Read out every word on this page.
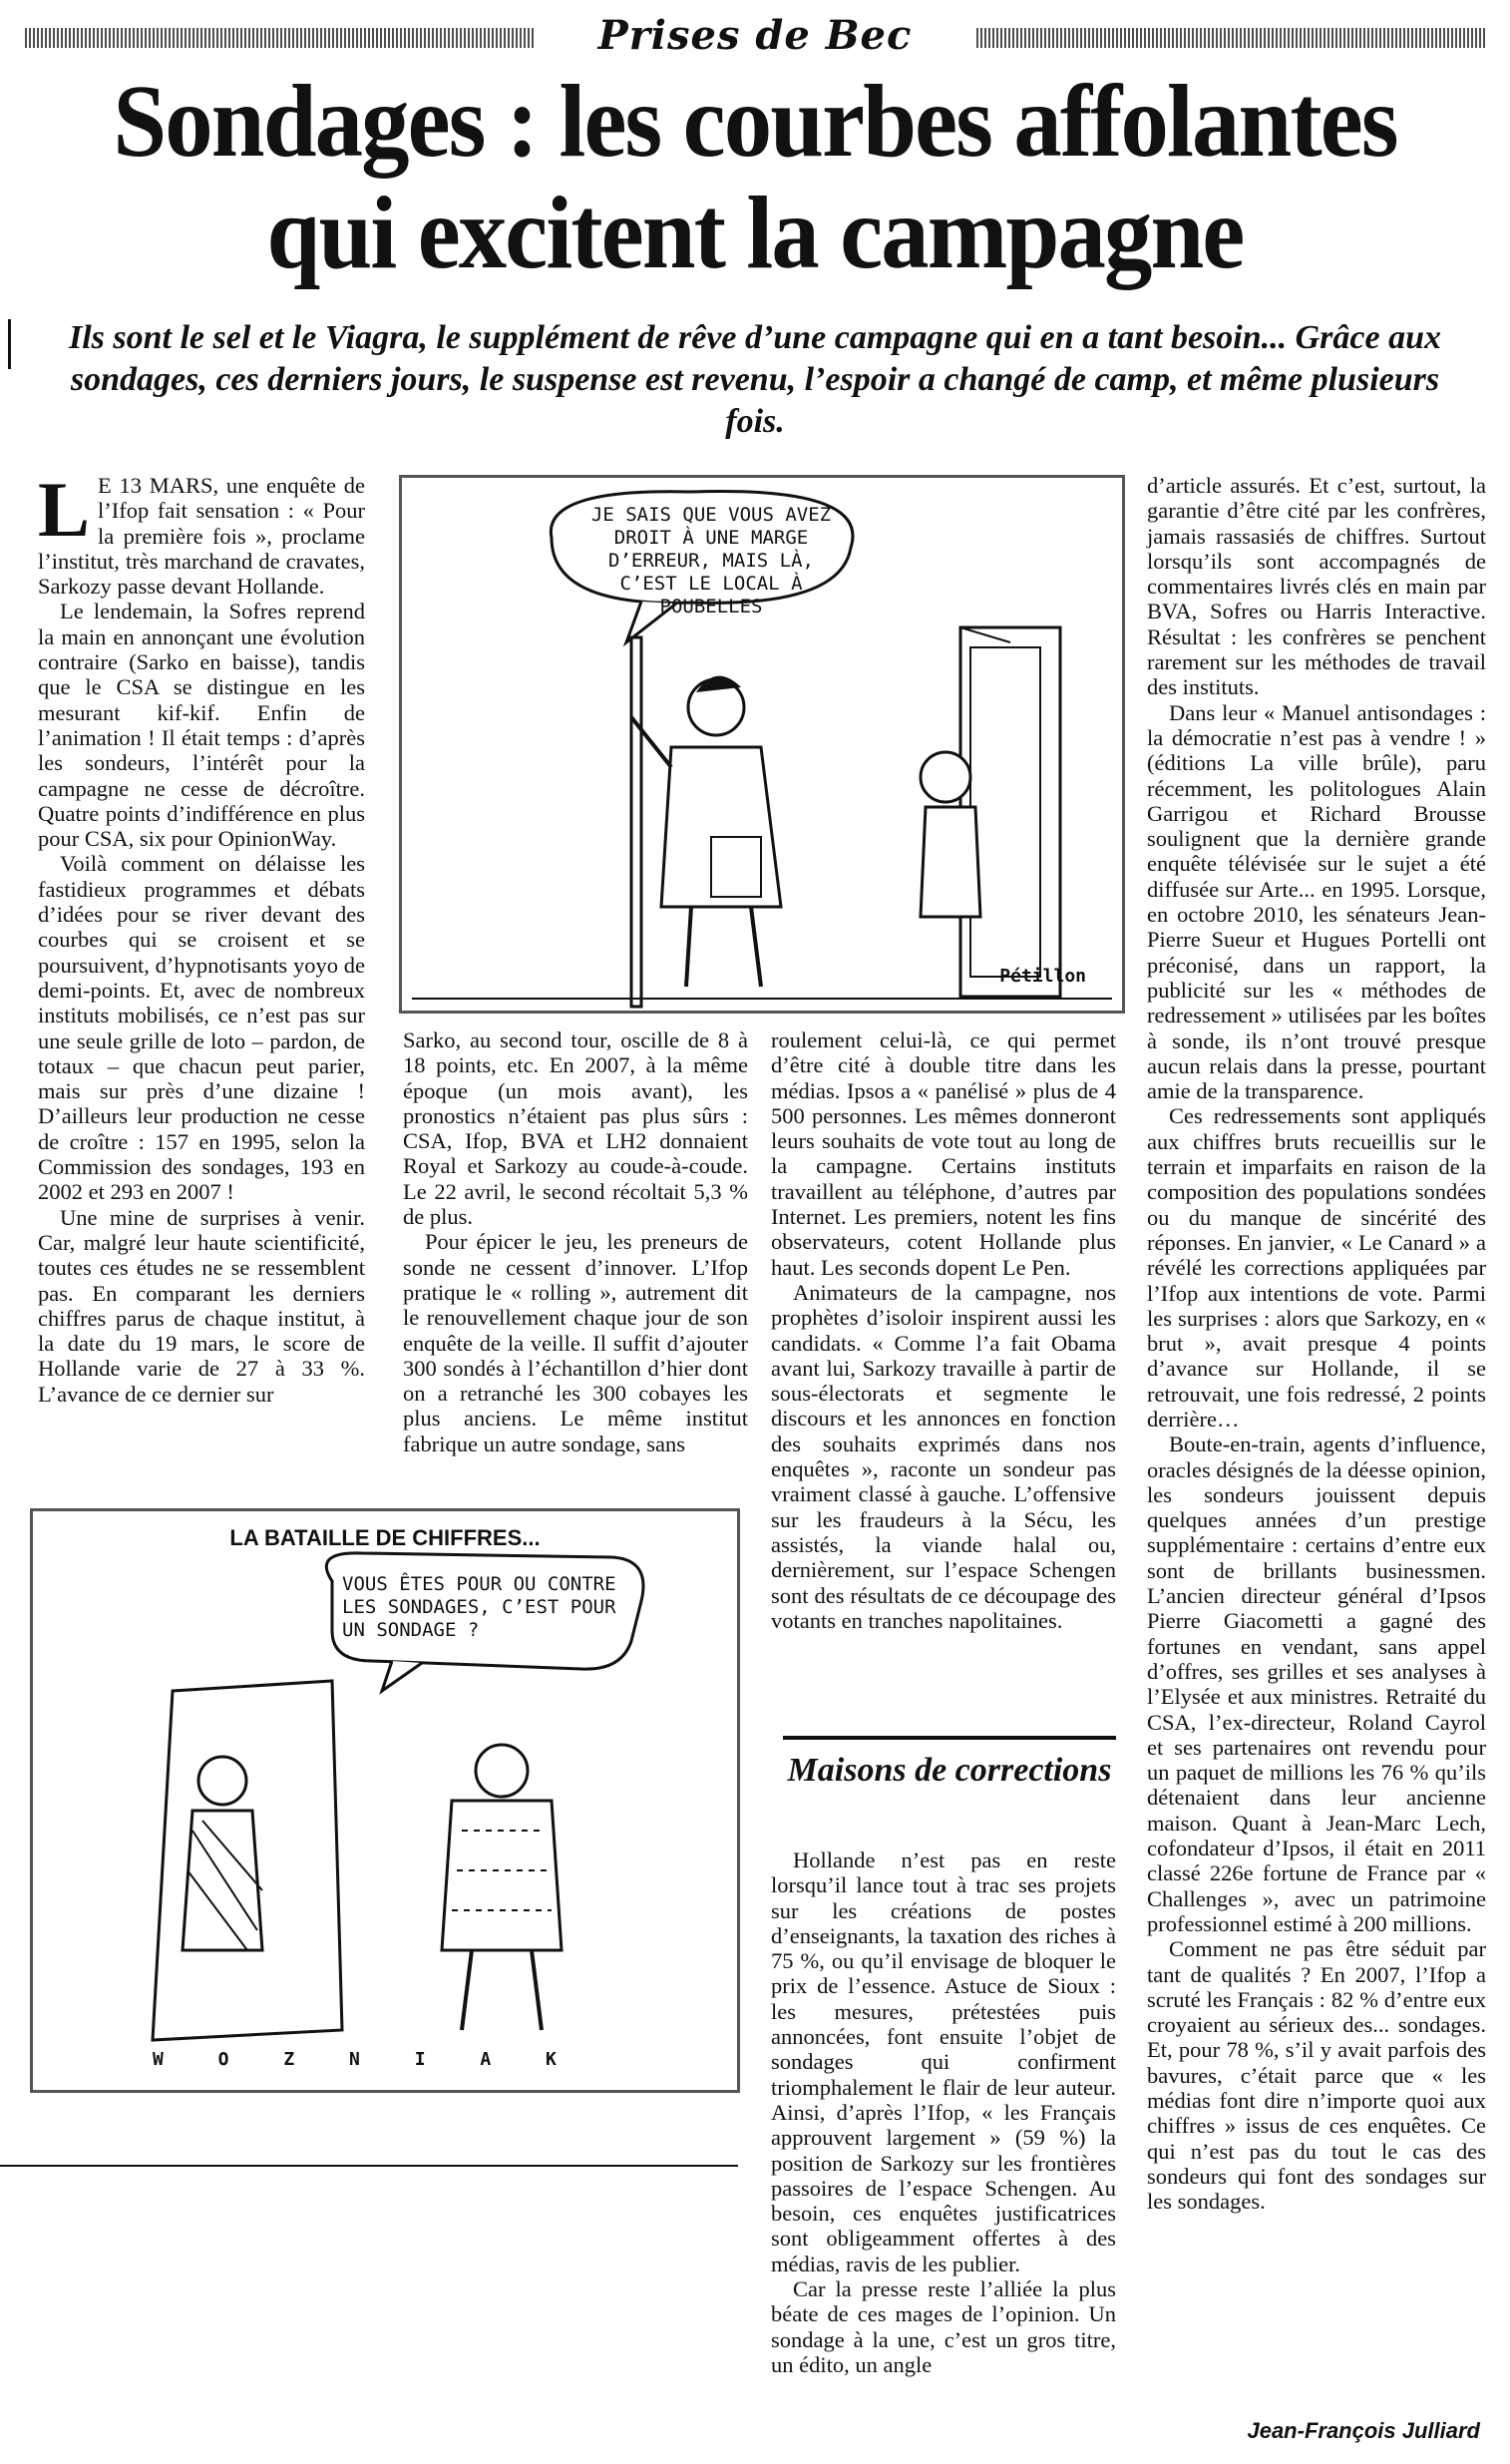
Prises de Bec
Sondages : les courbes affolantes
qui excitent la campagne
Ils sont le sel et le Viagra, le supplément de rêve d’une campagne qui en a tant besoin... Grâce aux sondages, ces derniers jours, le suspense est revenu, l’espoir a changé de camp, et même plusieurs fois.

L E 13 MARS, une enquête de l’Ifop fait sensation : « Pour la première fois », proclame l’institut, très marchand de cravates, Sarkozy passe devant Hollande.

Le lendemain, la Sofres reprend la main en annonçant une évolution contraire (Sarko en baisse), tandis que le CSA se distingue en les mesurant kif-kif. Enfin de l’animation ! Il était temps : d’après les sondeurs, l’intérêt pour la campagne ne cesse de décroître. Quatre points d’indifférence en plus pour CSA, six pour OpinionWay.

Voilà comment on délaisse les fastidieux programmes et débats d’idées pour se river devant des courbes qui se croisent et se poursuivent, d’hypnotisants yoyo de demi-points. Et, avec de nombreux instituts mobilisés, ce n’est pas sur une seule grille de loto – pardon, de totaux – que chacun peut parier, mais sur près d’une dizaine ! D’ailleurs leur production ne cesse de croître : 157 en 1995, selon la Commission des sondages, 193 en 2002 et 293 en 2007 !

Une mine de surprises à venir. Car, malgré leur haute scientificité, toutes ces études ne se ressemblent pas. En comparant les derniers chiffres parus de chaque institut, à la date du 19 mars, le score de Hollande varie de 27 à 33 %. L’avance de ce dernier sur

JE SAIS QUE VOUS AVEZ DROIT À UNE MARGE D’ERREUR, MAIS LÀ, C’EST LE LOCAL À POUBELLES
Pétillon

Sarko, au second tour, oscille de 8 à 18 points, etc. En 2007, à la même époque (un mois avant), les pronostics n’étaient pas plus sûrs : CSA, Ifop, BVA et LH2 donnaient Royal et Sarkozy au coude-à-coude. Le 22 avril, le second récoltait 5,3 % de plus.

Pour épicer le jeu, les preneurs de sonde ne cessent d’innover. L’Ifop pratique le « rolling », autrement dit le renouvellement chaque jour de son enquête de la veille. Il suffit d’ajouter 300 sondés à l’échantillon d’hier dont on a retranché les 300 cobayes les plus anciens. Le même institut fabrique un autre sondage, sans

roulement celui-là, ce qui permet d’être cité à double titre dans les médias. Ipsos a « panélisé » plus de 4 500 personnes. Les mêmes donneront leurs souhaits de vote tout au long de la campagne. Certains instituts travaillent au téléphone, d’autres par Internet. Les premiers, notent les fins observateurs, cotent Hollande plus haut. Les seconds dopent Le Pen.

Animateurs de la campagne, nos prophètes d’isoloir inspirent aussi les candidats. « Comme l’a fait Obama avant lui, Sarkozy travaille à partir de sous-électorats et segmente le discours et les annonces en fonction des souhaits exprimés dans nos enquêtes », raconte un sondeur pas vraiment classé à gauche. L’offensive sur les fraudeurs à la Sécu, les assistés, la viande halal ou, dernièrement, sur l’espace Schengen sont des résultats de ce découpage des votants en tranches napolitaines.

Maisons de corrections

Hollande n’est pas en reste lorsqu’il lance tout à trac ses projets sur les créations de postes d’enseignants, la taxation des riches à 75 %, ou qu’il envisage de bloquer le prix de l’essence. Astuce de Sioux : les mesures, prétestées puis annoncées, font ensuite l’objet de sondages qui confirment triomphalement le flair de leur auteur. Ainsi, d’après l’Ifop, « les Français approuvent largement » (59 %) la position de Sarkozy sur les frontières passoires de l’espace Schengen. Au besoin, ces enquêtes justificatrices sont obligeamment offertes à des médias, ravis de les publier.

Car la presse reste l’alliée la plus béate de ces mages de l’opinion. Un sondage à la une, c’est un gros titre, un édito, un angle

d’article assurés. Et c’est, surtout, la garantie d’être cité par les confrères, jamais rassasiés de chiffres. Surtout lorsqu’ils sont accompagnés de commentaires livrés clés en main par BVA, Sofres ou Harris Interactive. Résultat : les confrères se penchent rarement sur les méthodes de travail des instituts.

Dans leur « Manuel antisondages : la démocratie n’est pas à vendre ! » (éditions La ville brûle), paru récemment, les politologues Alain Garrigou et Richard Brousse soulignent que la dernière grande enquête télévisée sur le sujet a été diffusée sur Arte... en 1995. Lorsque, en octobre 2010, les sénateurs Jean-Pierre Sueur et Hugues Portelli ont préconisé, dans un rapport, la publicité sur les « méthodes de redressement » utilisées par les boîtes à sonde, ils n’ont trouvé presque aucun relais dans la presse, pourtant amie de la transparence.

Ces redressements sont appliqués aux chiffres bruts recueillis sur le terrain et imparfaits en raison de la composition des populations sondées ou du manque de sincérité des réponses. En janvier, « Le Canard » a révélé les corrections appliquées par l’Ifop aux intentions de vote. Parmi les surprises : alors que Sarkozy, en « brut », avait presque 4 points d’avance sur Hollande, il se retrouvait, une fois redressé, 2 points derrière…

Boute-en-train, agents d’influence, oracles désignés de la déesse opinion, les sondeurs jouissent depuis quelques années d’un prestige supplémentaire : certains d’entre eux sont de brillants businessmen. L’ancien directeur général d’Ipsos Pierre Giacometti a gagné des fortunes en vendant, sans appel d’offres, ses grilles et ses analyses à l’Elysée et aux ministres. Retraité du CSA, l’ex-directeur, Roland Cayrol et ses partenaires ont revendu pour un paquet de millions les 76 % qu’ils détenaient dans leur ancienne maison. Quant à Jean-Marc Lech, cofondateur d’Ipsos, il était en 2011 classé 226e fortune de France par « Challenges », avec un patrimoine professionnel estimé à 200 millions.

Comment ne pas être séduit par tant de qualités ? En 2007, l’Ifop a scruté les Français : 82 % d’entre eux croyaient au sérieux des... sondages. Et, pour 78 %, s’il y avait parfois des bavures, c’était parce que « les médias font dire n’importe quoi aux chiffres » issus de ces enquêtes. Ce qui n’est pas du tout le cas des sondeurs qui font des sondages sur les sondages.

LA BATAILLE DE CHIFFRES...
VOUS ÊTES POUR OU CONTRE LES SONDAGES, C’EST POUR UN SONDAGE ?
W O Z N I A K
Jean-François Julliard
